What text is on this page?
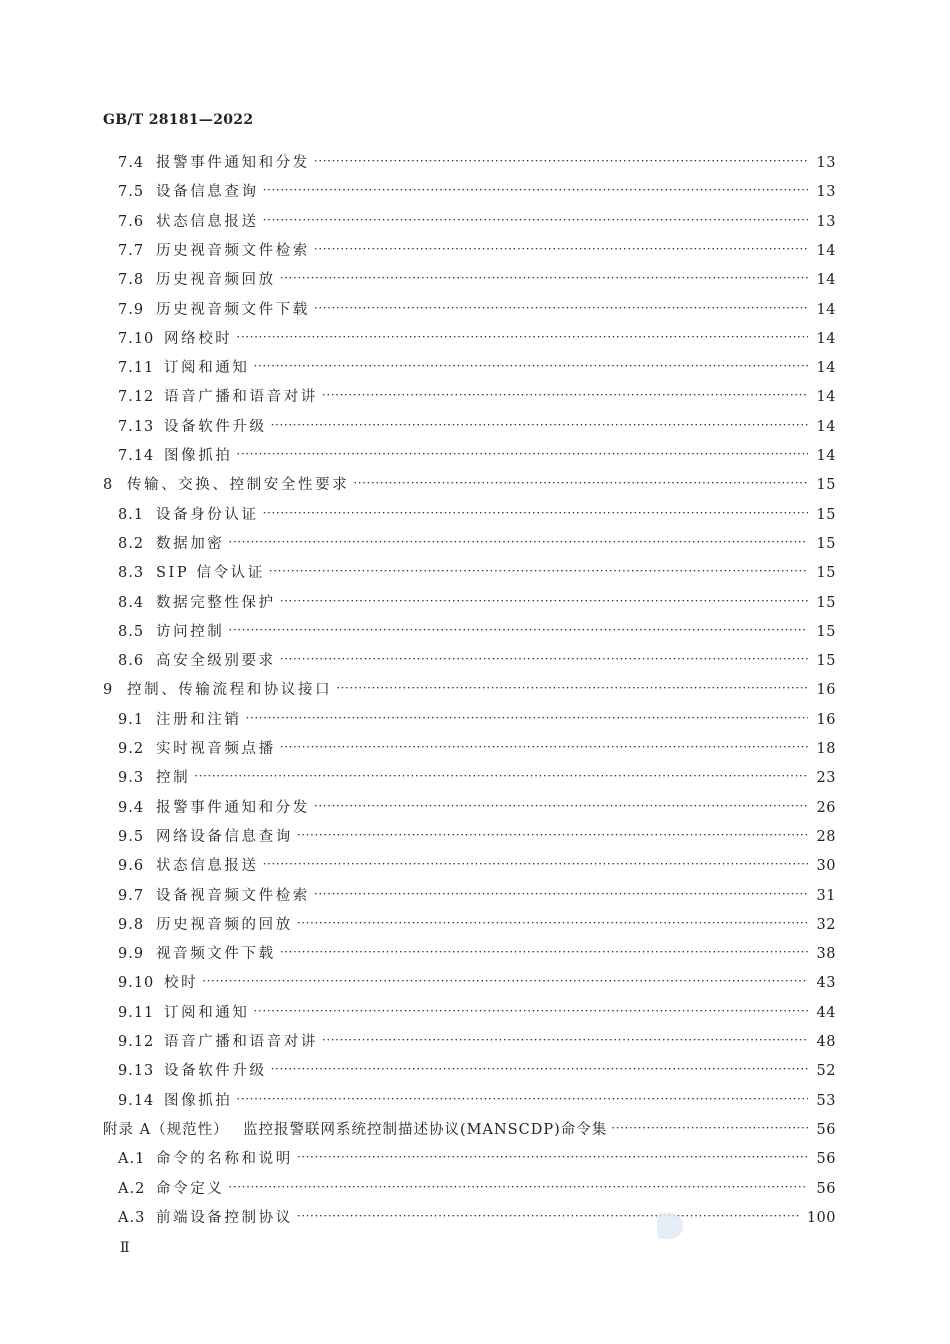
GB/T 28181—2022
7.4 报警事件通知和分发 ·····	13
7.5 设备信息查询 ·····	13
7.6 状态信息报送 ·····	13
7.7 历史视音频文件检索 ·····	14
7.8 历史视音频回放 ·····	14
7.9 历史视音频文件下载 ·····	14
7.10 网络校时 ·····	14
7.11 订阅和通知 ·····	14
7.12 语音广播和语音对讲 ·····	14
7.13 设备软件升级 ·····	14
7.14 图像抓拍 ·····	14
8 传输、交换、控制安全性要求 ·····	15
8.1 设备身份认证 ·····	15
8.2 数据加密 ·····	15
8.3 SIP 信令认证 ·····	15
8.4 数据完整性保护 ·····	15
8.5 访问控制 ·····	15
8.6 高安全级别要求 ·····	15
9 控制、传输流程和协议接口 ·····	16
9.1 注册和注销 ·····	16
9.2 实时视音频点播 ·····	18
9.3 控制 ·····	23
9.4 报警事件通知和分发 ·····	26
9.5 网络设备信息查询 ·····	28
9.6 状态信息报送 ·····	30
9.7 设备视音频文件检索 ·····	31
9.8 历史视音频的回放 ·····	32
9.9 视音频文件下载 ·····	38
9.10 校时 ·····	43
9.11 订阅和通知 ·····	44
9.12 语音广播和语音对讲 ·····	48
9.13 设备软件升级 ·····	52
9.14 图像抓拍 ·····	53
附录 A（规范性） 监控报警联网系统控制描述协议(MANSCDP)命令集 ·····	56
A.1 命令的名称和说明 ·····	56
A.2 命令定义 ·····	56
A.3 前端设备控制协议 ·····	100
Ⅱ
